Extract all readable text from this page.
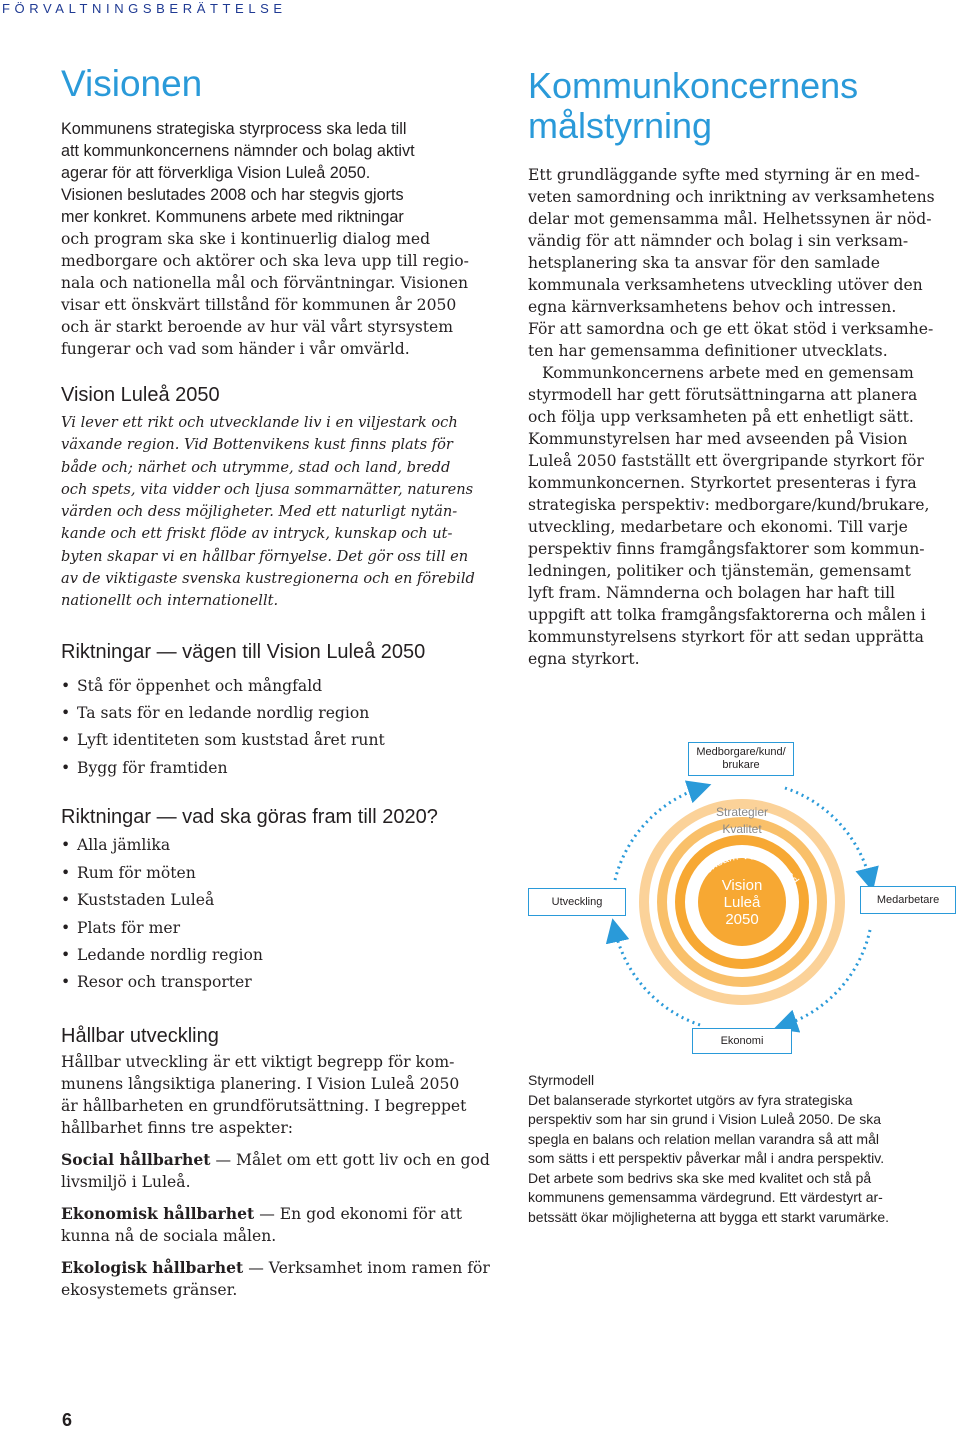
FÖRVALTNINGSBERÄTTELSE
Visionen
Kommunens strategiska styrprocess ska leda till
att kommunkoncernens nämnder och bolag aktivt
agerar för att förverkliga Vision Luleå 2050.
Visionen beslutades 2008 och har stegvis gjorts
mer konkret. Kommunens arbete med riktningar
och program ska ske i kontinuerlig dialog med
medborgare och aktörer och ska leva upp till regio-
nala och nationella mål och förväntningar. Visionen
visar ett önskvärt tillstånd för kommunen år 2050
och är starkt beroende av hur väl vårt styrsystem
fungerar och vad som händer i vår omvärld.
Vision Luleå 2050
Vi lever ett rikt och utvecklande liv i en viljestark och
växande region. Vid Bottenvikens kust finns plats för
både och; närhet och utrymme, stad och land, bredd
och spets, vita vidder och ljusa sommarnätter, naturens
värden och dess möjligheter. Med ett naturligt nytän-
kande och ett friskt flöde av intryck, kunskap och ut-
byten skapar vi en hållbar förnyelse. Det gör oss till en
av de viktigaste svenska kustregionerna och en förebild
nationellt och internationellt.
Riktningar — vägen till Vision Luleå 2050
• Stå för öppenhet och mångfald
• Ta sats för en ledande nordlig region
• Lyft identiteten som kuststad året runt
• Bygg för framtiden
Riktningar — vad ska göras fram till 2020?
• Alla jämlika
• Rum för möten
• Kuststaden Luleå
• Plats för mer
• Ledande nordlig region
• Resor och transporter
Hållbar utveckling
Hållbar utveckling är ett viktigt begrepp för kom-
munens långsiktiga planering. I Vision Luleå 2050
är hållbarheten en grundförutsättning. I begreppet
hållbarhet finns tre aspekter:

Social hållbarhet — Målet om ett gott liv och en god livsmiljö i Luleå.

Ekonomisk hållbarhet — En god ekonomi för att kunna nå de sociala målen.

Ekologisk hållbarhet — Verksamhet inom ramen för ekosystemets gränser.

Kommunkoncernens
målstyrning
Ett grundläggande syfte med styrning är en med-
veten samordning och inriktning av verksamhetens
delar mot gemensamma mål. Helhetssynen är nöd-
vändig för att nämnder och bolag i sin verksam-
hetsplanering ska ta ansvar för den samlade
kommunala verksamhetens utveckling utöver den
egna kärnverksamhetens behov och intressen.
För att samordna och ge ett ökat stöd i verksamhe-
ten har gemensamma definitioner utvecklats.
Kommunkoncernens arbete med en gemensam
styrmodell har gett förutsättningarna att planera
och följa upp verksamheten på ett enhetligt sätt.
Kommunstyrelsen har med avseenden på Vision
Luleå 2050 fastställt ett övergripande styrkort för
kommunkoncernen. Styrkortet presenteras i fyra
strategiska perspektiv: medborgare/kund/brukare,
utveckling, medarbetare och ekonomi. Till varje
perspektiv finns framgångsfaktorer som kommun-
ledningen, politiker och tjänstemän, gemensamt
lyft fram. Nämnderna och bolagen har haft till
uppgift att tolka framgångsfaktorerna och målen i
kommunstyrelsens styrkort för att sedan upprätta
egna styrkort.
Strategier
Kvalitet
Gemensam Värdegrund
Vision
Luleå
2050
Medborgare/kund/
brukare
Utveckling	Medarbetare
Ekonomi
Styrmodell
Det balanserade styrkortet utgörs av fyra strategiska
perspektiv som har sin grund i Vision Luleå 2050. De ska
spegla en balans och relation mellan varandra så att mål
som sätts i ett perspektiv påverkar mål i andra perspektiv.
Det arbete som bedrivs ska ske med kvalitet och stå på
kommunens gemensamma värdegrund. Ett värdestyrt ar-
betssätt ökar möjligheterna att bygga ett starkt varumärke.
6
